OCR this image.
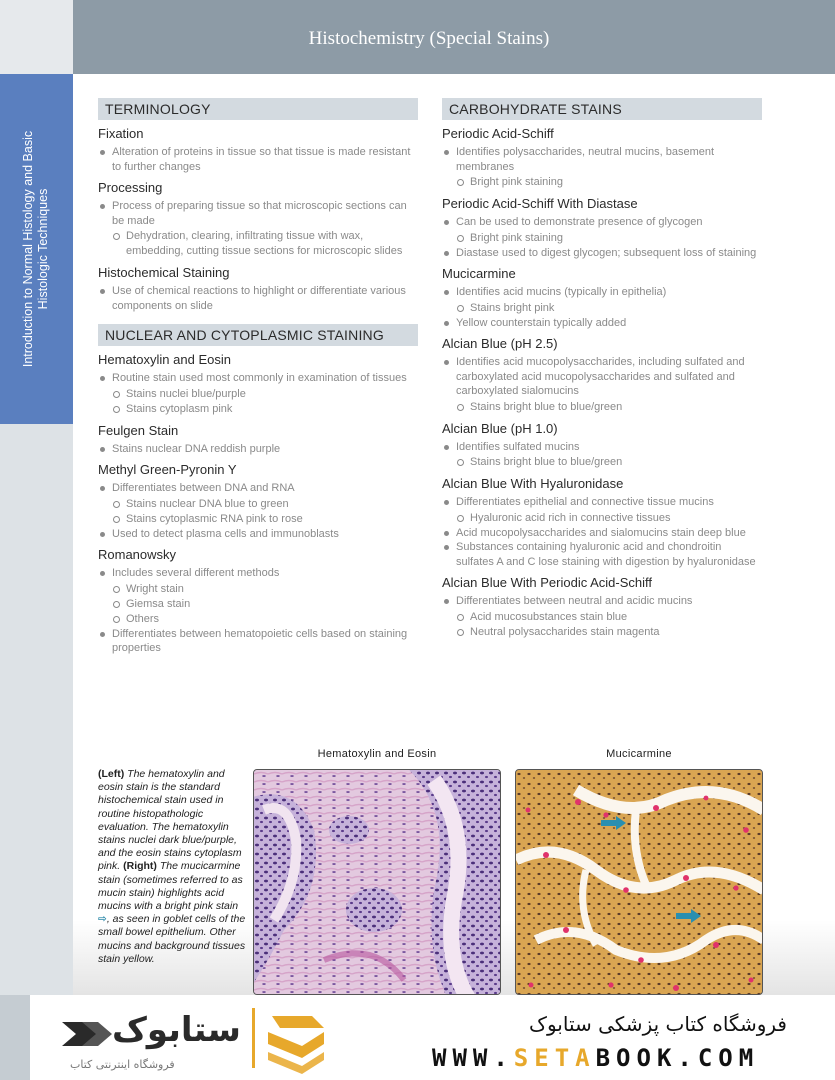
Histochemistry (Special Stains)
Introduction to Normal Histology and Basic Histologic Techniques
TERMINOLOGY
Fixation
Alteration of proteins in tissue so that tissue is made resistant to further changes
Processing
Process of preparing tissue so that microscopic sections can be made
Dehydration, clearing, infiltrating tissue with wax, embedding, cutting tissue sections for microscopic slides
Histochemical Staining
Use of chemical reactions to highlight or differentiate various components on slide
NUCLEAR AND CYTOPLASMIC STAINING
Hematoxylin and Eosin
Routine stain used most commonly in examination of tissues
Stains nuclei blue/purple
Stains cytoplasm pink
Feulgen Stain
Stains nuclear DNA reddish purple
Methyl Green-Pyronin Y
Differentiates between DNA and RNA
Stains nuclear DNA blue to green
Stains cytoplasmic RNA pink to rose
Used to detect plasma cells and immunoblasts
Romanowsky
Includes several different methods
Wright stain
Giemsa stain
Others
Differentiates between hematopoietic cells based on staining properties
CARBOHYDRATE STAINS
Periodic Acid-Schiff
Identifies polysaccharides, neutral mucins, basement membranes
Bright pink staining
Periodic Acid-Schiff With Diastase
Can be used to demonstrate presence of glycogen
Bright pink staining
Diastase used to digest glycogen; subsequent loss of staining
Mucicarmine
Identifies acid mucins (typically in epithelia)
Stains bright pink
Yellow counterstain typically added
Alcian Blue (pH 2.5)
Identifies acid mucopolysaccharides, including sulfated and carboxylated acid mucopolysaccharides and sulfated and carboxylated sialomucins
Stains bright blue to blue/green
Alcian Blue (pH 1.0)
Identifies sulfated mucins
Stains bright blue to blue/green
Alcian Blue With Hyaluronidase
Differentiates epithelial and connective tissue mucins
Hyaluronic acid rich in connective tissues
Acid mucopolysaccharides and sialomucins stain deep blue
Substances containing hyaluronic acid and chondroitin sulfates A and C lose staining with digestion by hyaluronidase
Alcian Blue With Periodic Acid-Schiff
Differentiates between neutral and acidic mucins
Acid mucosubstances stain blue
Neutral polysaccharides stain magenta
(Left) The hematoxylin and eosin stain is the standard histochemical stain used in routine histopathologic evaluation. The hematoxylin stains nuclei dark blue/purple, and the eosin stains cytoplasm pink. (Right) The mucicarmine stain (sometimes referred to as mucin stain) highlights acid mucins with a bright pink stain ⇨, as seen in goblet cells of the small bowel epithelium. Other mucins and background tissues stain yellow.
Hematoxylin and Eosin	Mucicarmine
ستابوک
فروشگاه اینترنتی کتاب
فروشگاه کتاب پزشکی ستابوک
WWW.SETABOOK.COM
